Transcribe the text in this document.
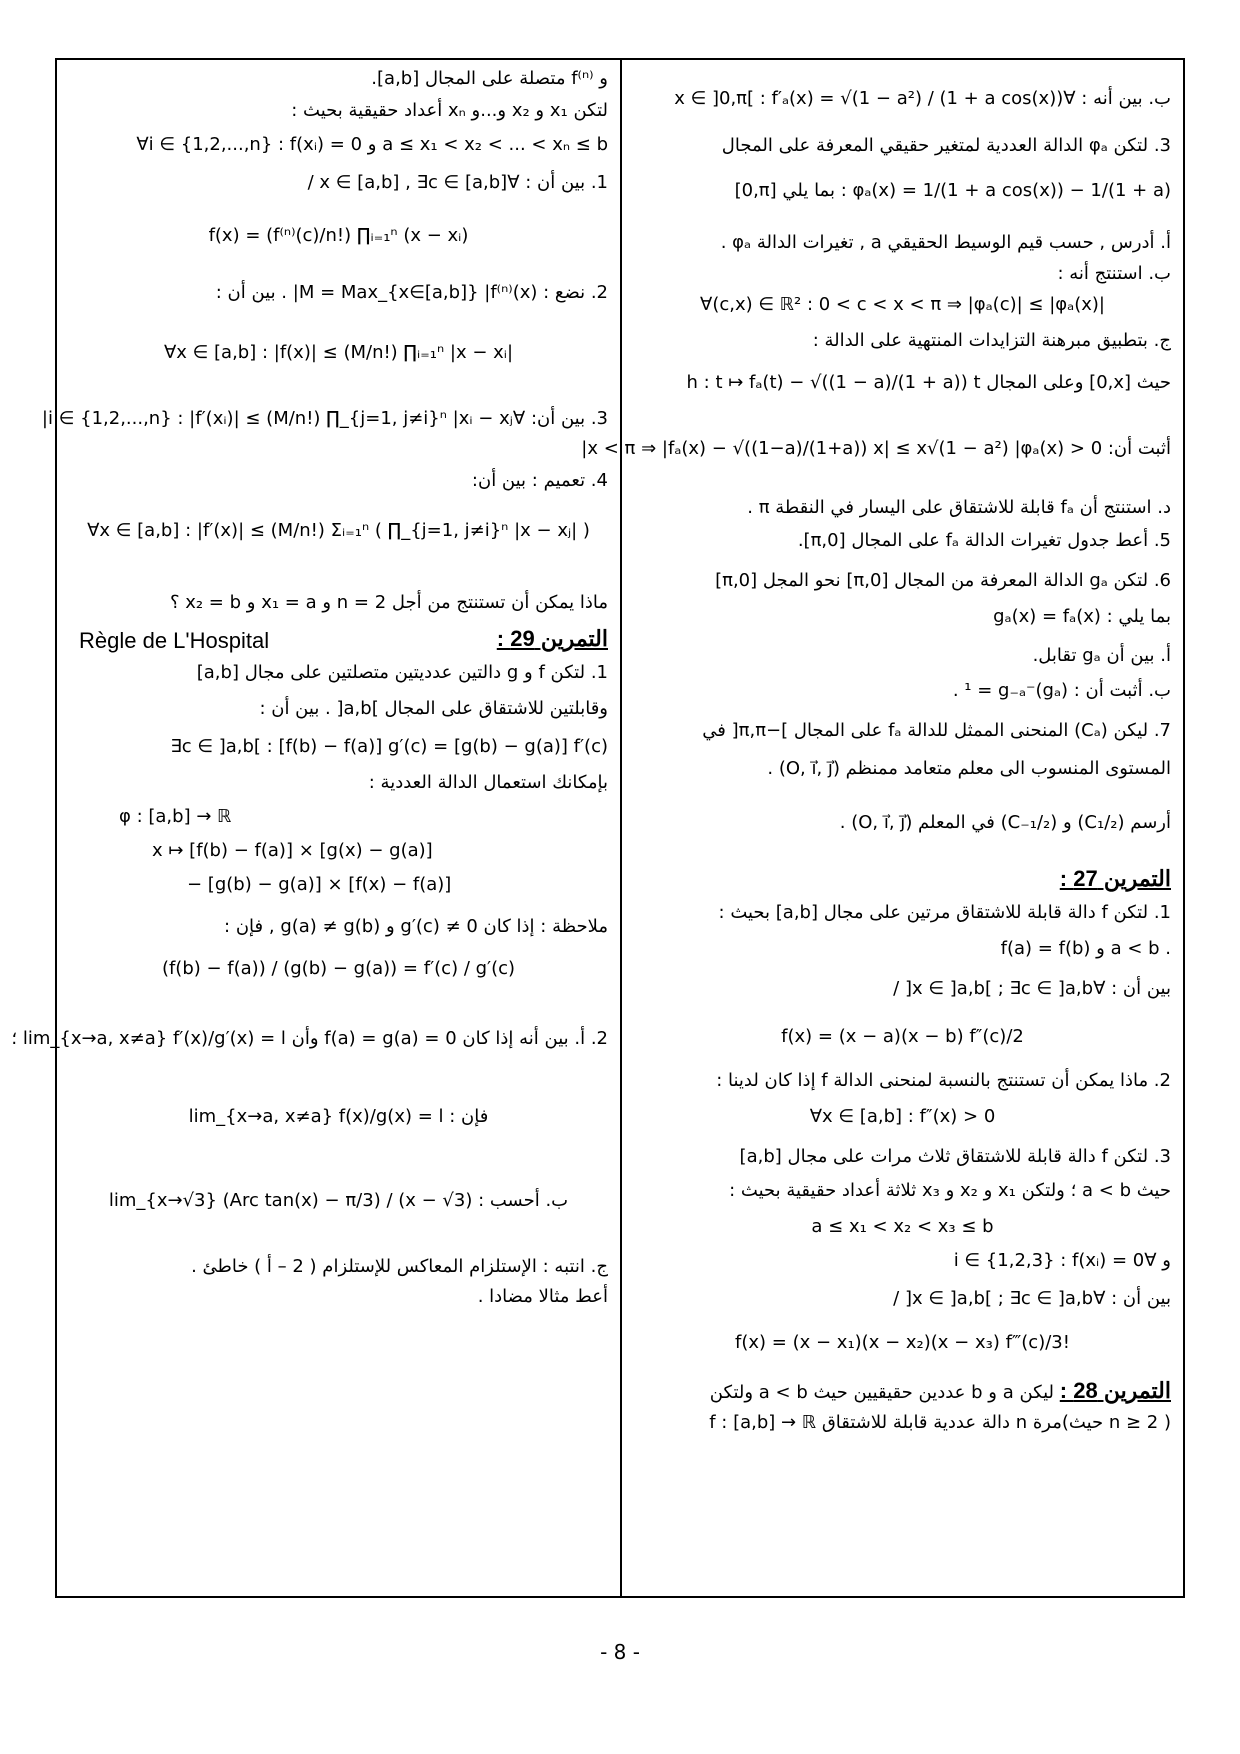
ب. بين أنه : ∀x ∈ ]0,π[ : f′ₐ(x) = √(1 − a²) / (1 + a cos(x))
3. لتكن φₐ الدالة العددية لمتغير حقيقي المعرفة على المجال
[0,π] بما يلي : φₐ(x) = 1/(1 + a cos(x)) − 1/(1 + a)
أ. أدرس , حسب قيم الوسيط الحقيقي a , تغيرات الدالة φₐ .
ب. استنتج أنه :
∀(c,x) ∈ ℝ² : 0 < c < x < π ⇒ |φₐ(c)| ≤ |φₐ(x)|
ج. بتطبيق مبرهنة التزايدات المنتهية على الدالة :
h : t ↦ fₐ(t) − √((1 − a)/(1 + a)) t وعلى المجال [0,x] حيث
أثبت أن: 0 < x < π ⇒ |fₐ(x) − √((1−a)/(1+a)) x| ≤ x√(1 − a²) |φₐ(x)|
د. استنتج أن fₐ قابلة للاشتقاق على اليسار في النقطة π .
5. أعط جدول تغيرات الدالة fₐ على المجال [0,π].
6. لتكن gₐ الدالة المعرفة من المجال [0,π] نحو المجل [0,π]
بما يلي : gₐ(x) = fₐ(x)
أ. بين أن gₐ تقابل.
ب. أثبت أن : (gₐ)⁻¹ = g₋ₐ .
7. ليكن (Cₐ) المنحنى الممثل للدالة fₐ على المجال ]−π,π[ في
المستوى المنسوب الى معلم متعامد ممنظم (O, i⃗, j⃗) .
أرسم (C₁/₂) و (C₋₁/₂) في المعلم (O, i⃗, j⃗) .
التمرين 27 :
1. لتكن f دالة قابلة للاشتقاق مرتين على مجال [a,b] بحيث :
f(a) = f(b) و a < b .
بين أن : ∀x ∈ ]a,b[ ; ∃c ∈ ]a,b[ /
f(x) = (x − a)(x − b) f″(c)/2
2. ماذا يمكن أن تستنتج بالنسبة لمنحنى الدالة f إذا كان لدينا :
∀x ∈ [a,b] : f″(x) > 0
3. لتكن f دالة قابلة للاشتقاق ثلاث مرات على مجال [a,b]
حيث a < b ؛ ولتكن x₁ و x₂ و x₃ ثلاثة أعداد حقيقية بحيث :
a ≤ x₁ < x₂ < x₃ ≤ b
و ∀i ∈ {1,2,3} : f(xᵢ) = 0
بين أن : ∀x ∈ ]a,b[ ; ∃c ∈ ]a,b[ /
f(x) = (x − x₁)(x − x₂)(x − x₃) f‴(c)/3!
التمرين 28 : ليكن a و b عددين حقيقيين حيث a < b ولتكن
f : [a,b] → ℝ دالة عددية قابلة للاشتقاق n مرة(حيث n ≥ 2 )
و f⁽ⁿ⁾ متصلة على المجال [a,b].
لتكن x₁ و x₂ و...و xₙ أعداد حقيقية بحيث :
∀i ∈ {1,2,...,n} : f(xᵢ) = 0 و a ≤ x₁ < x₂ < ... < xₙ ≤ b
1. بين أن : ∀x ∈ [a,b] , ∃c ∈ [a,b] /
f(x) = (f⁽ⁿ⁾(c)/n!) ∏ᵢ₌₁ⁿ (x − xᵢ)
2. نضع : M = Max_{x∈[a,b]} |f⁽ⁿ⁾(x)| . بين أن :
∀x ∈ [a,b] : |f(x)| ≤ (M/n!) ∏ᵢ₌₁ⁿ |x − xᵢ|
3. بين أن: ∀i ∈ {1,2,...,n} : |f′(xᵢ)| ≤ (M/n!) ∏_{j=1, j≠i}ⁿ |xᵢ − xⱼ|
4. تعميم : بين أن:
∀x ∈ [a,b] : |f′(x)| ≤ (M/n!) Σᵢ₌₁ⁿ ( ∏_{j=1, j≠i}ⁿ |x − xⱼ| )
ماذا يمكن أن تستنتج من أجل n = 2 و x₁ = a و x₂ = b ؟
التمرين 29 :
Règle de L'Hospital
1. لتكن f و g دالتين عدديتين متصلتين على مجال [a,b]
وقابلتين للاشتقاق على المجال ]a,b[ . بين أن :
∃c ∈ ]a,b[ : [f(b) − f(a)] g′(c) = [g(b) − g(a)] f′(c)
بإمكانك استعمال الدالة العددية :
φ : [a,b] → ℝ
x ↦ [f(b) − f(a)] × [g(x) − g(a)]
− [g(b) − g(a)] × [f(x) − f(a)]
ملاحظة : إذا كان g′(c) ≠ 0 و g(a) ≠ g(b) , فإن :
(f(b) − f(a)) / (g(b) − g(a)) = f′(c) / g′(c)
2. أ. بين أنه إذا كان f(a) = g(a) = 0 وأن lim_{x→a, x≠a} f′(x)/g′(x) = l ؛
فإن : lim_{x→a, x≠a} f(x)/g(x) = l
ب. أحسب : lim_{x→√3} (Arc tan(x) − π/3) / (x − √3)
ج. انتبه : الإستلزام المعاكس للإستلزام ( 2 – أ ) خاطئ .
أعط مثالا مضادا .
- 8 -
